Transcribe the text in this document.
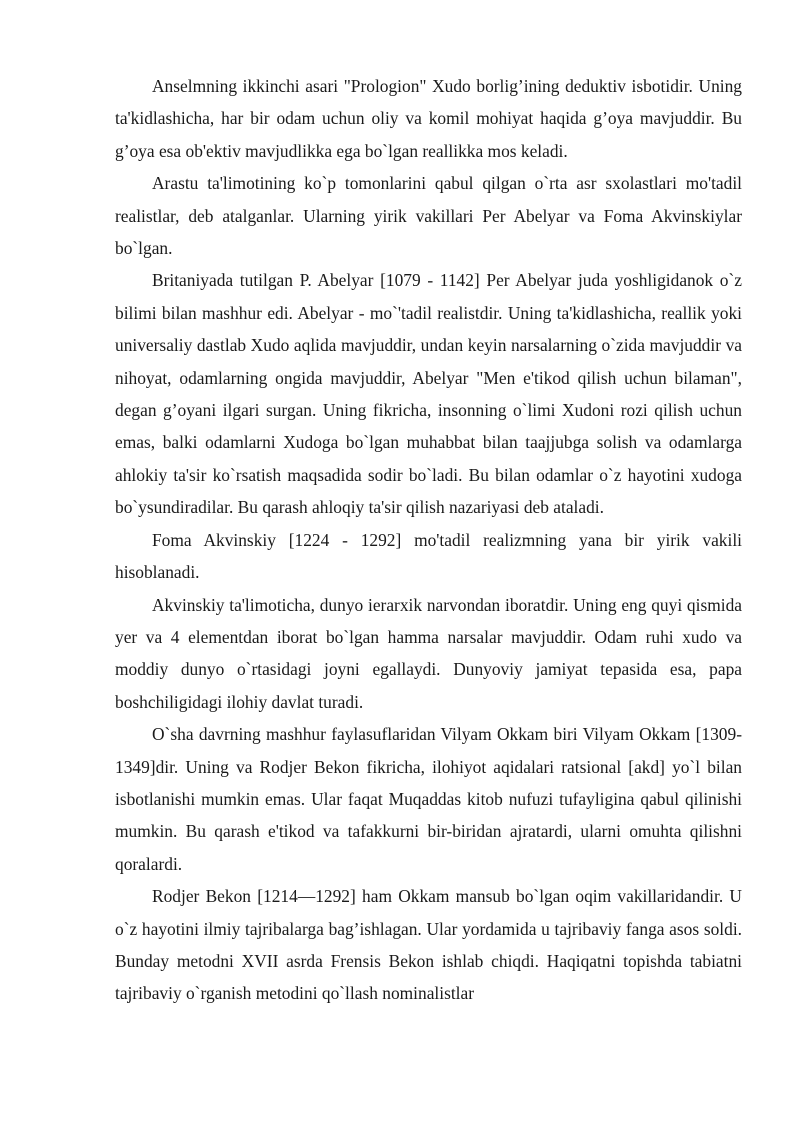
Anselmning ikkinchi asari "Prologion" Xudo borlig’ining deduktiv isbotidir. Uning ta'kidlashicha, har bir odam uchun oliy va komil mohiyat haqida g’oya mavjuddir. Bu g’oya esa ob'ektiv mavjudlikka ega bo`lgan reallikka mos keladi.

Arastu ta'limotining ko`p tomonlarini qabul qilgan o`rta asr sxolastlari mo'tadil realistlar, deb atalganlar. Ularning yirik vakillari Per Abelyar va Foma Akvinskiylar bo`lgan.

Britaniyada tutilgan P. Abelyar [1079 - 1142] Per Abelyar juda yoshligidanok o`z bilimi bilan mashhur edi. Abelyar - mo`'tadil realistdir. Uning ta'kidlashicha, reallik yoki universaliy dastlab Xudo aqlida mavjuddir, undan keyin narsalarning o`zida mavjuddir va nihoyat, odamlarning ongida mavjuddir, Abelyar "Men e'tikod qilish uchun bilaman", degan g’oyani ilgari surgan. Uning fikricha, insonning o`limi Xudoni rozi qilish uchun emas, balki odamlarni Xudoga bo`lgan muhabbat bilan taajjubga solish va odamlarga ahlokiy ta'sir ko`rsatish maqsadida sodir bo`ladi. Bu bilan odamlar o`z hayotini xudoga bo`ysundiradilar. Bu qarash ahloqiy ta'sir qilish nazariyasi deb ataladi.

Foma Akvinskiy [1224 - 1292] mo'tadil realizmning yana bir yirik vakili hisoblanadi.

Akvinskiy ta'limoticha, dunyo ierarxik narvondan iboratdir. Uning eng quyi qismida yer va 4 elementdan iborat bo`lgan hamma narsalar mavjuddir. Odam ruhi xudo va moddiy dunyo o`rtasidagi joyni egallaydi. Dunyoviy jamiyat tepasida esa, papa boshchiligidagi ilohiy davlat turadi.

O`sha davrning mashhur faylasuflaridan Vilyam Okkam biri Vilyam Okkam [1309-1349]dir. Uning va Rodjer Bekon fikricha, ilohiyot aqidalari ratsional [akd] yo`l bilan isbotlanishi mumkin emas. Ular faqat Muqaddas kitob nufuzi tufayligina qabul qilinishi mumkin. Bu qarash e'tikod va tafakkurni bir-biridan ajratardi, ularni omuhta qilishni qoralardi.

Rodjer Bekon [1214—1292] ham Okkam mansub bo`lgan oqim vakillaridandir. U o`z hayotini ilmiy tajribalarga bag’ishlagan. Ular yordamida u tajribaviy fanga asos soldi. Bunday metodni XVII asrda Frensis Bekon ishlab chiqdi. Haqiqatni topishda tabiatni tajribaviy o`rganish metodini qo`llash nominalistlar
